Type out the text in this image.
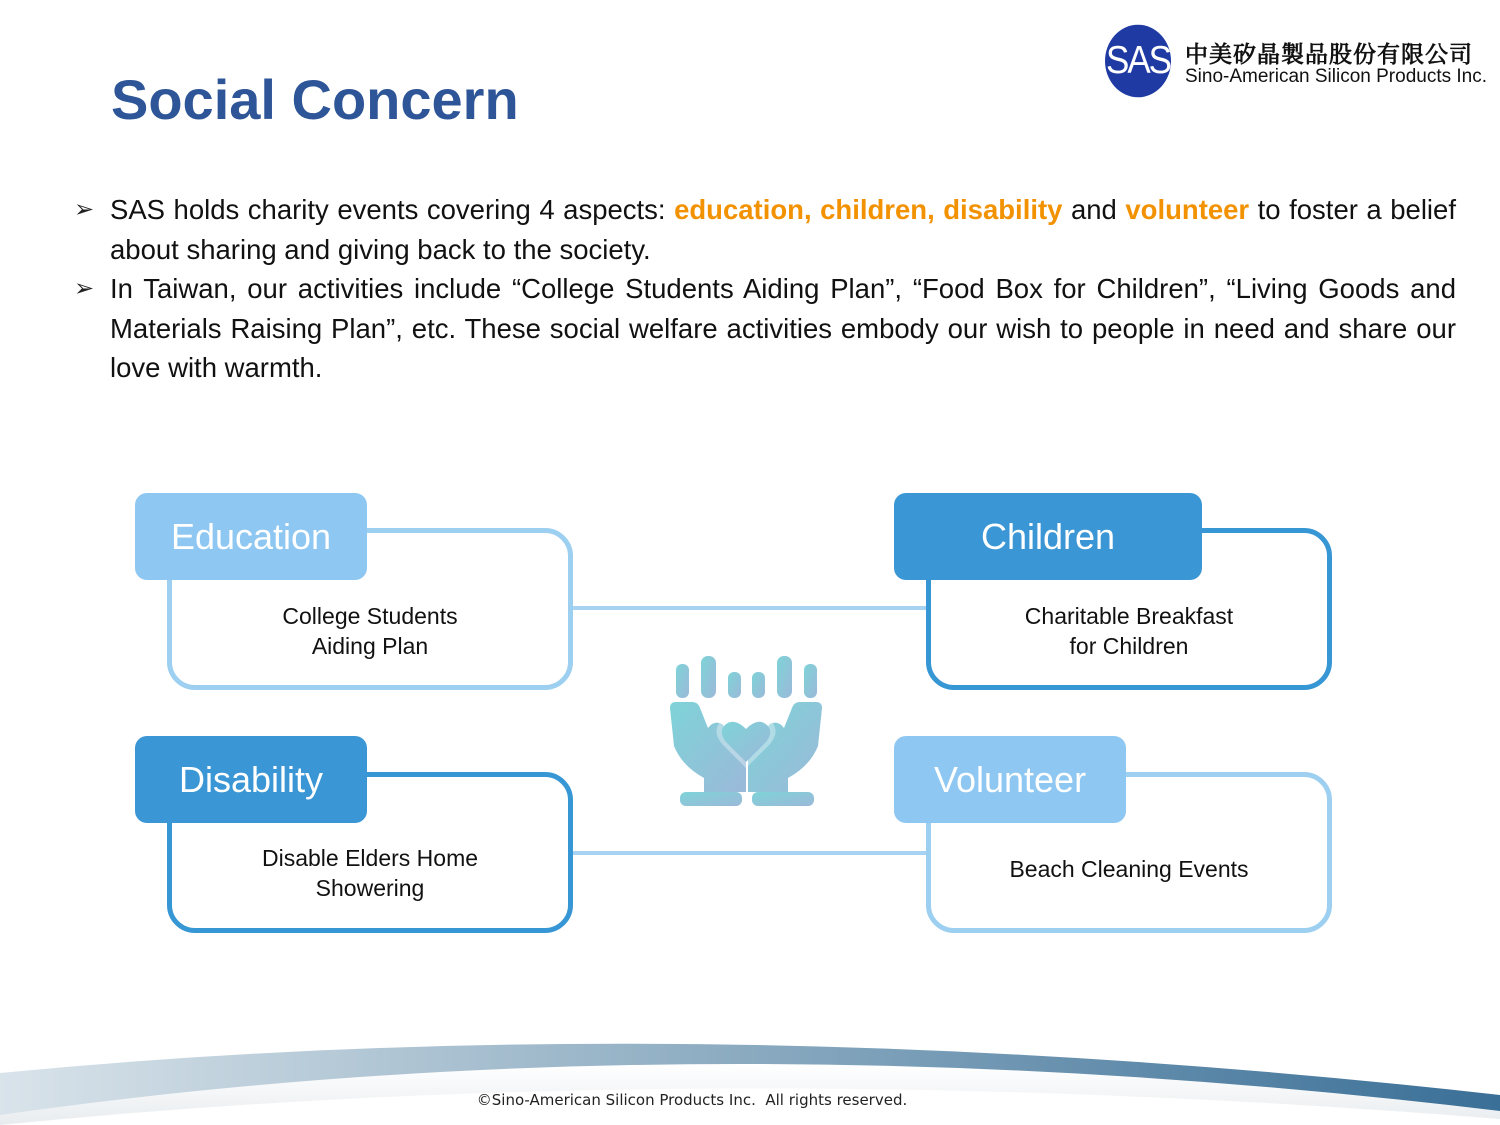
Social Concern
SAS 中美矽晶製品股份有限公司
Sino-American Silicon Products Inc.
➢ SAS holds charity events covering 4 aspects: education, children, disability and volunteer to foster a belief about sharing and giving back to the society.
➢ In Taiwan, our activities include “College Students Aiding Plan”, “Food Box for Children”, “Living Goods and Materials Raising Plan”, etc. These social welfare activities embody our wish to people in need and share our love with warmth.
College Students
Aiding Plan
Education
Charitable Breakfast
for Children
Children
Disable Elders Home
Showering
Disability
Beach Cleaning Events
Volunteer
©Sino-American Silicon Products Inc.  All rights reserved.
